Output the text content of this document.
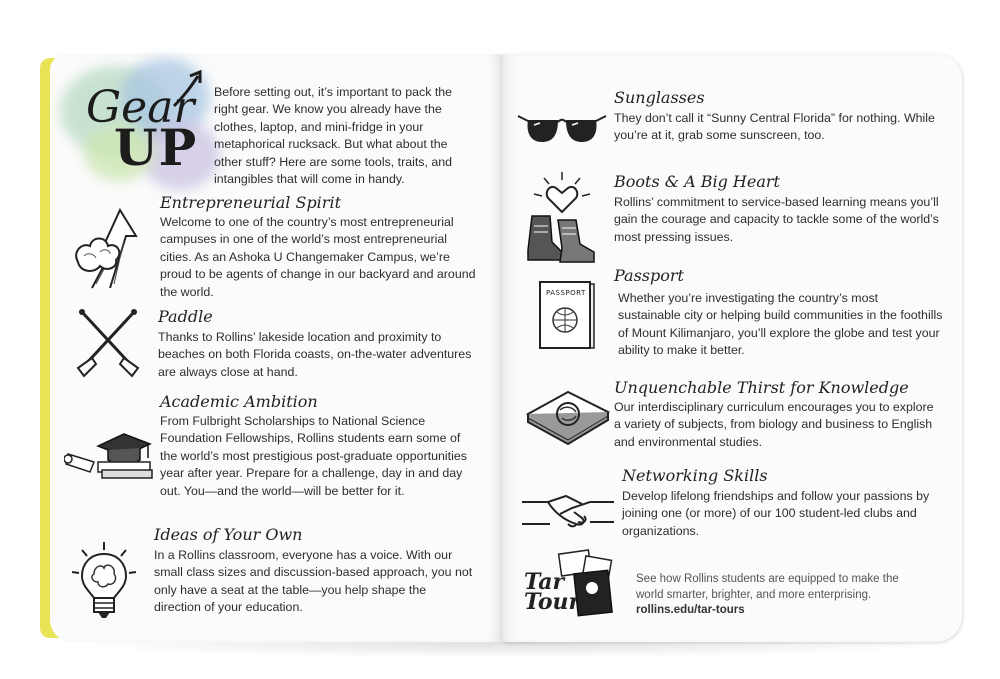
Gear
UP
Before setting out, it’s important to pack the right gear. We know you already have the clothes, laptop, and mini-fridge in your metaphorical rucksack. But what about the other stuff? Here are some tools, traits, and intangibles that will come in handy.
Entrepreneurial Spirit
Welcome to one of the country’s most entrepreneurial campuses in one of the world’s most entrepreneurial cities. As an Ashoka U Changemaker Campus, we’re proud to be agents of change in our backyard and around the world.
Paddle
Thanks to Rollins’ lakeside location and proximity to beaches on both Florida coasts, on-the-water adventures are always close at hand.
Academic Ambition
From Fulbright Scholarships to National Science Foundation Fellowships, Rollins students earn some of the world’s most prestigious post-graduate opportunities year after year. Prepare for a challenge, day in and day out. You—and the world—will be better for it.
Ideas of Your Own
In a Rollins classroom, everyone has a voice. With our small class sizes and discussion-based approach, you not only have a seat at the table—you help shape the direction of your education.
Sunglasses
They don’t call it “Sunny Central Florida” for nothing. While you’re at it, grab some sunscreen, too.
Boots & A Big Heart
Rollins’ commitment to service-based learning means you’ll gain the courage and capacity to tackle some of the world’s most pressing issues.
Passport
Whether you’re investigating the country’s most sustainable city or helping build communities in the foothills of Mount Kilimanjaro, you’ll explore the globe and test your ability to make it better.
PASSPORT
Unquenchable Thirst for Knowledge
Our interdisciplinary curriculum encourages you to explore a variety of subjects, from biology and business to English and environmental studies.
Networking Skills
Develop lifelong friendships and follow your passions by joining one (or more) of our 100 student-led clubs and organizations.
Tar Tours
See how Rollins students are equipped to make the world smarter, brighter, and more enterprising.
rollins.edu/tar-tours
